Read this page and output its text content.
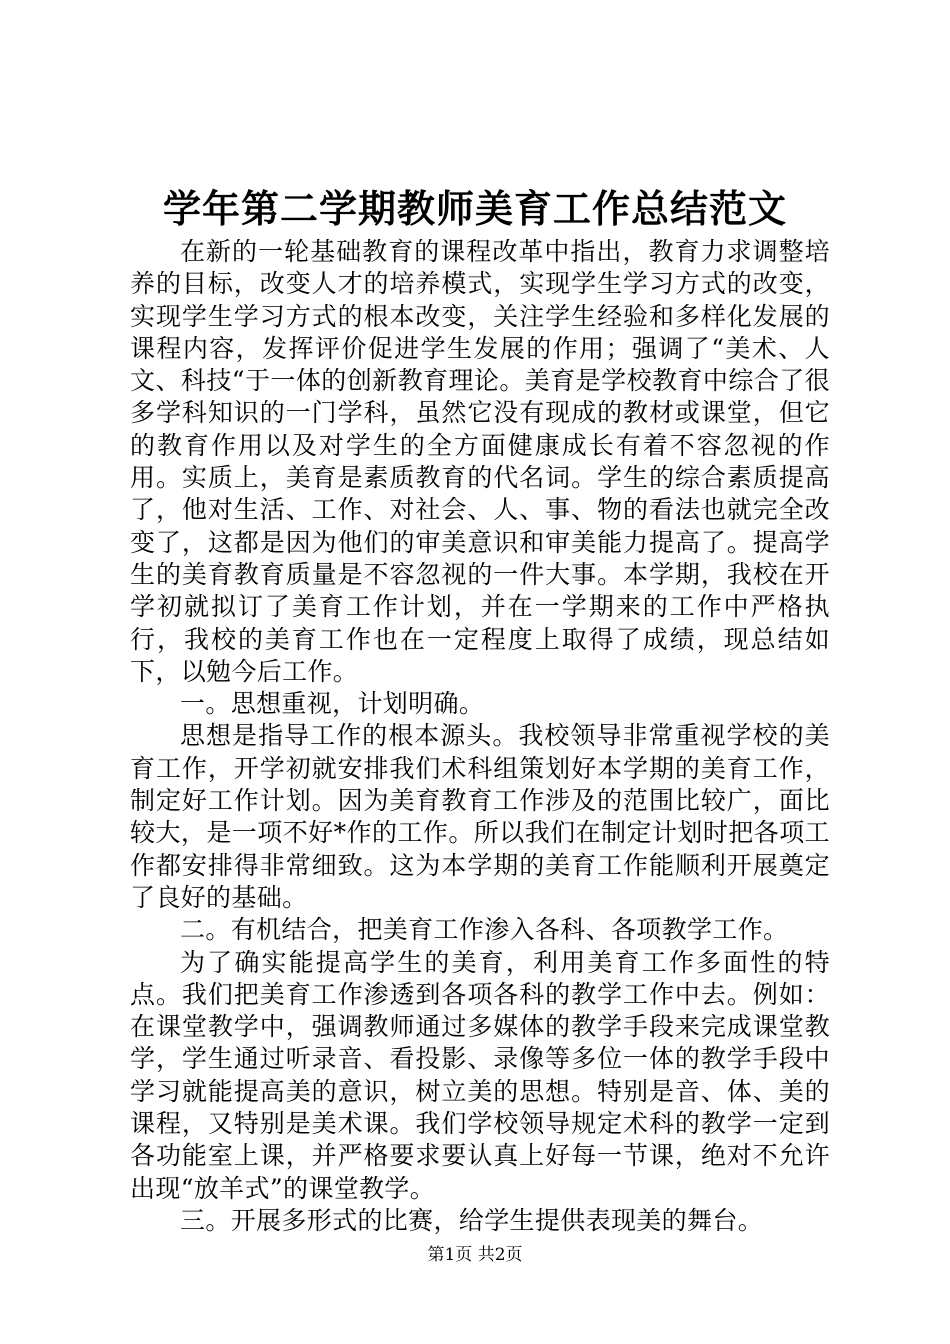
学年第二学期教师美育工作总结范文

在新的一轮基础教育的课程改革中指出，教育力求调整培养的目标，改变人才的培养模式，实现学生学习方式的改变，实现学生学习方式的根本改变，关注学生经验和多样化发展的课程内容，发挥评价促进学生发展的作用；强调了“美术、人文、科技“于一体的创新教育理论。美育是学校教育中综合了很多学科知识的一门学科，虽然它没有现成的教材或课堂，但它的教育作用以及对学生的全方面健康成长有着不容忽视的作用。实质上，美育是素质教育的代名词。学生的综合素质提高了，他对生活、工作、对社会、人、事、物的看法也就完全改变了，这都是因为他们的审美意识和审美能力提高了。提高学生的美育教育质量是不容忽视的一件大事。本学期，我校在开学初就拟订了美育工作计划，并在一学期来的工作中严格执行，我校的美育工作也在一定程度上取得了成绩，现总结如下，以勉今后工作。

一。思想重视，计划明确。

思想是指导工作的根本源头。我校领导非常重视学校的美育工作，开学初就安排我们术科组策划好本学期的美育工作，制定好工作计划。因为美育教育工作涉及的范围比较广，面比较大，是一项不好*作的工作。所以我们在制定计划时把各项工作都安排得非常细致。这为本学期的美育工作能顺利开展奠定了良好的基础。

二。有机结合，把美育工作渗入各科、各项教学工作。

为了确实能提高学生的美育，利用美育工作多面性的特点。我们把美育工作渗透到各项各科的教学工作中去。例如：在课堂教学中，强调教师通过多媒体的教学手段来完成课堂教学，学生通过听录音、看投影、录像等多位一体的教学手段中学习就能提高美的意识，树立美的思想。特别是音、体、美的课程，又特别是美术课。我们学校领导规定术科的教学一定到各功能室上课，并严格要求要认真上好每一节课，绝对不允许出现“放羊式”的课堂教学。

三。开展多形式的比赛，给学生提供表现美的舞台。

第1页 共2页
